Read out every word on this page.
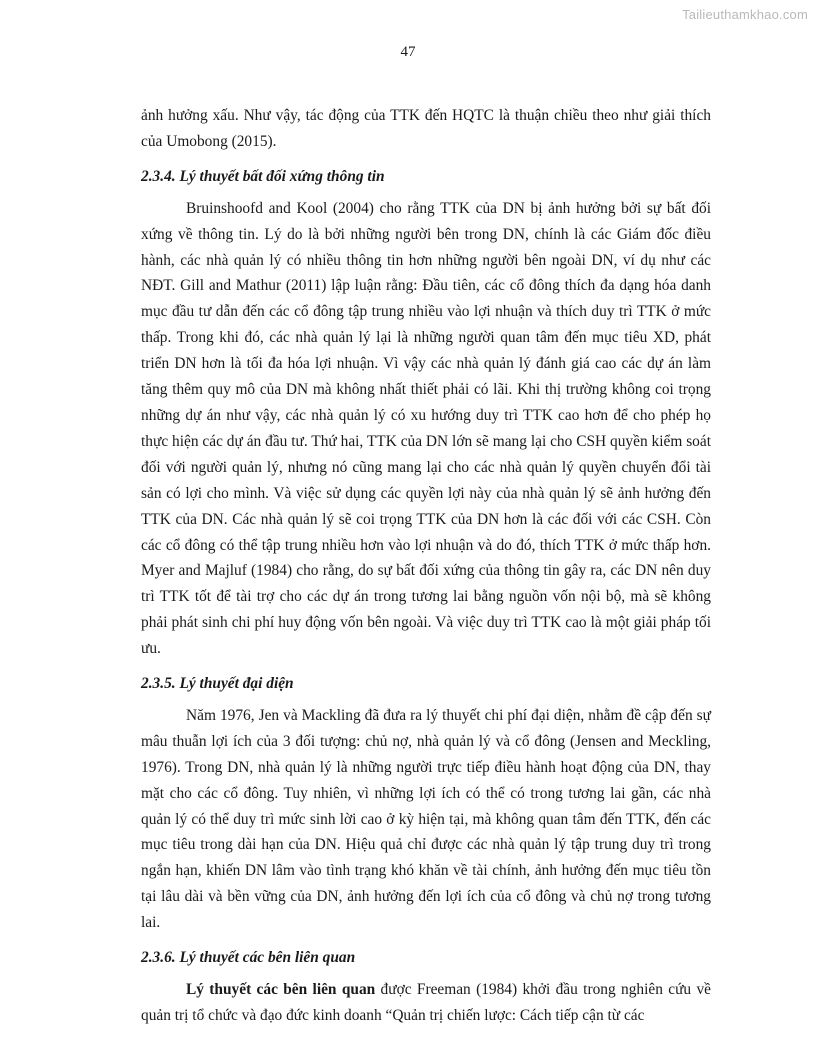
Tailieuthamkhao.com
47

ảnh hưởng xấu. Như vậy, tác động của TTK đến HQTC là thuận chiều theo như giải thích của Umobong (2015).

2.3.4. Lý thuyết bất đối xứng thông tin

Bruinshoofd and Kool (2004) cho rằng TTK của DN bị ảnh hưởng bởi sự bất đối xứng về thông tin. Lý do là bởi những người bên trong DN, chính là các Giám đốc điều hành, các nhà quản lý có nhiều thông tin hơn những người bên ngoài DN, ví dụ như các NĐT. Gill and Mathur (2011) lập luận rằng: Đầu tiên, các cổ đông thích đa dạng hóa danh mục đầu tư dẫn đến các cổ đông tập trung nhiều vào lợi nhuận và thích duy trì TTK ở mức thấp. Trong khi đó, các nhà quản lý lại là những người quan tâm đến mục tiêu XD, phát triển DN hơn là tối đa hóa lợi nhuận. Vì vậy các nhà quản lý đánh giá cao các dự án làm tăng thêm quy mô của DN mà không nhất thiết phải có lãi. Khi thị trường không coi trọng những dự án như vậy, các nhà quản lý có xu hướng duy trì TTK cao hơn để cho phép họ thực hiện các dự án đầu tư. Thứ hai, TTK của DN lớn sẽ mang lại cho CSH quyền kiểm soát đối với người quản lý, nhưng nó cũng mang lại cho các nhà quản lý quyền chuyển đổi tài sản có lợi cho mình. Và việc sử dụng các quyền lợi này của nhà quản lý sẽ ảnh hưởng đến TTK của DN. Các nhà quản lý sẽ coi trọng TTK của DN hơn là các đối với các CSH. Còn các cổ đông có thể tập trung nhiều hơn vào lợi nhuận và do đó, thích TTK ở mức thấp hơn. Myer and Majluf (1984) cho rằng, do sự bất đối xứng của thông tin gây ra, các DN nên duy trì TTK tốt để tài trợ cho các dự án trong tương lai bằng nguồn vốn nội bộ, mà sẽ không phải phát sinh chi phí huy động vốn bên ngoài. Và việc duy trì TTK cao là một giải pháp tối ưu.

2.3.5. Lý thuyết đại diện

Năm 1976, Jen và Mackling đã đưa ra lý thuyết chi phí đại diện, nhằm đề cập đến sự mâu thuẫn lợi ích của 3 đối tượng: chủ nợ, nhà quản lý và cổ đông (Jensen and Meckling, 1976). Trong DN, nhà quản lý là những người trực tiếp điều hành hoạt động của DN, thay mặt cho các cổ đông. Tuy nhiên, vì những lợi ích có thể có trong tương lai gần, các nhà quản lý có thể duy trì mức sinh lời cao ở kỳ hiện tại, mà không quan tâm đến TTK, đến các mục tiêu trong dài hạn của DN. Hiệu quả chỉ được các nhà quản lý tập trung duy trì trong ngắn hạn, khiến DN lâm vào tình trạng khó khăn về tài chính, ảnh hưởng đến mục tiêu tồn tại lâu dài và bền vững của DN, ảnh hưởng đến lợi ích của cổ đông và chủ nợ trong tương lai.

2.3.6. Lý thuyết các bên liên quan

Lý thuyết các bên liên quan được Freeman (1984) khởi đầu trong nghiên cứu về quản trị tổ chức và đạo đức kinh doanh “Quản trị chiến lược: Cách tiếp cận từ các
